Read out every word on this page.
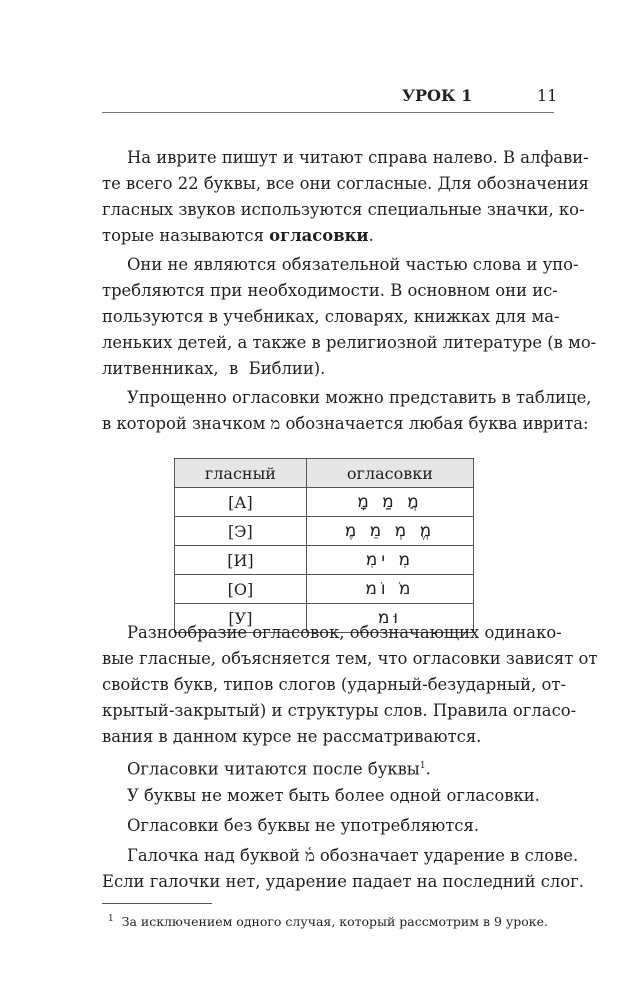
УРОК 1	11
На иврите пишут и читают справа налево. В алфави-
те всего 22 буквы, все они согласные. Для обозначения
гласных звуков используются специальные значки, ко-
торые называются огласовки.
Они не являются обязательной частью слова и упо-
требляются при необходимости. В основном они ис-
пользуются в учебниках, словарях, книжках для ма-
леньких детей, а также в религиозной литературе (в мо-
литвенниках,  в  Библии).
Упрощенно огласовки можно представить в таблице,
в которой значком מ обозначается любая буква иврита:
гласный	огласовки
[А]	מָ מַ מֲ
[Э]	מֶ מֵ מְ מֱ
[И]	מִי מִ
[О]	מוֹ מֹ
[У]	מוּ
Разнообразие огласовок, обозначающих одинако-
вые гласные, объясняется тем, что огласовки зависят от
свойств букв, типов слогов (ударный-безударный, от-
крытый-закрытый) и структуры слов. Правила огласо-
вания в данном курсе не рассматриваются.
Огласовки читаются после буквы$^1$.
У буквы не может быть более одной огласовки.
Огласовки без буквы не употребляются.
Галочка над буквой מ֫ обозначает ударение в слове.
Если галочки нет, ударение падает на последний слог.
$^1$ За исключением одного случая, который рассмотрим в 9 уроке.
